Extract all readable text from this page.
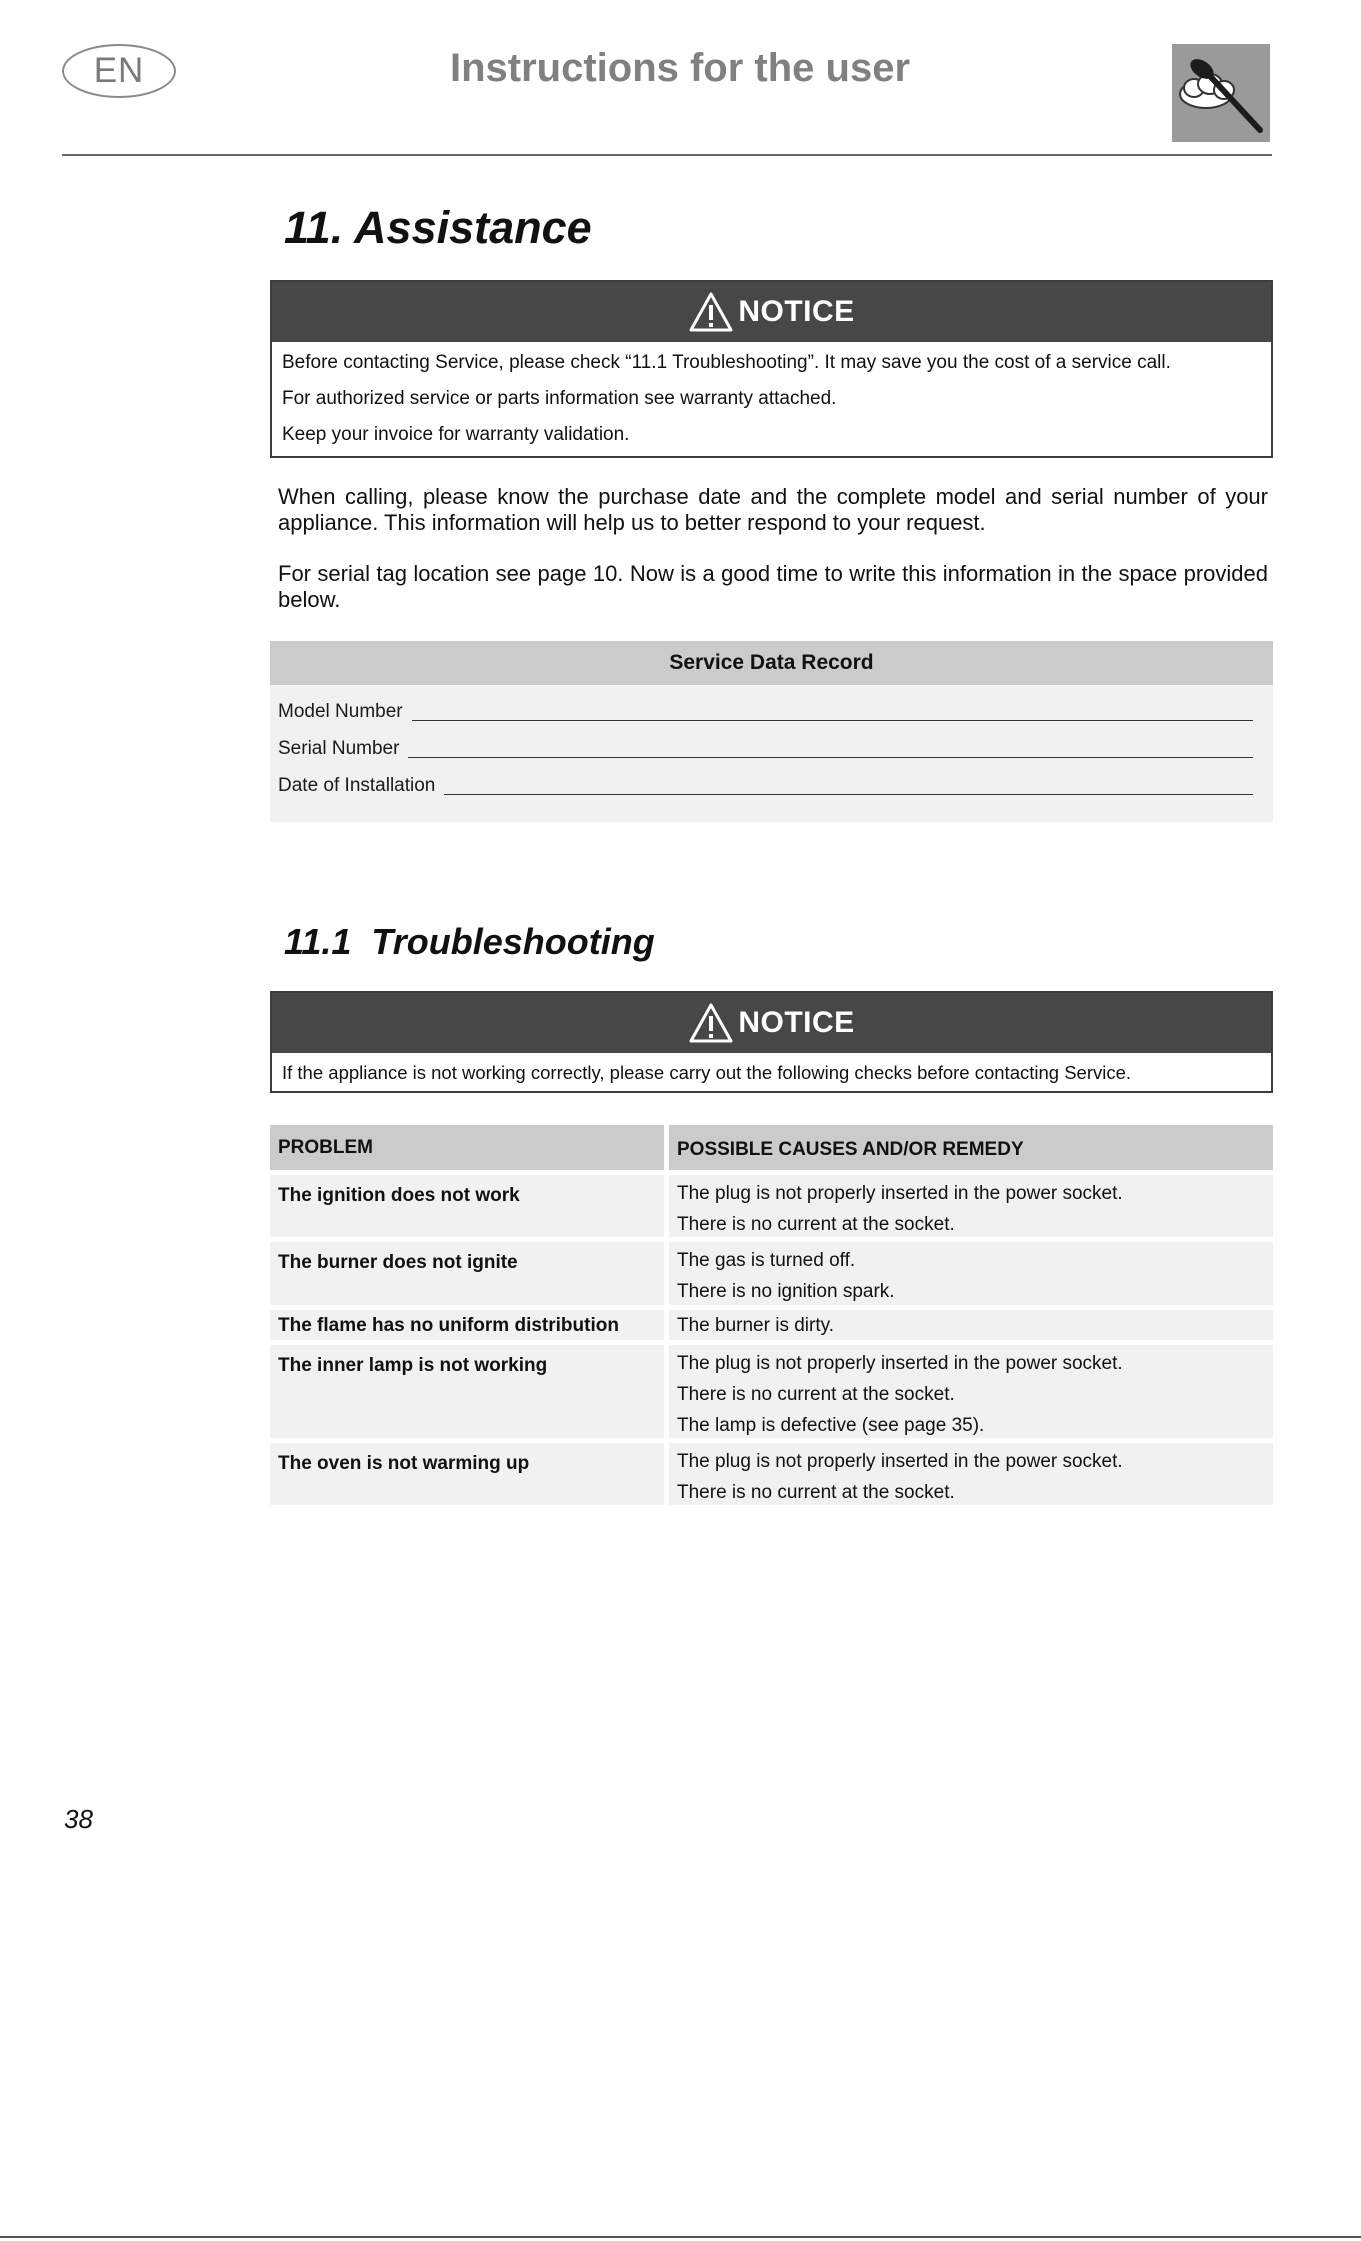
EN	Instructions for the user
11. Assistance
NOTICE
Before contacting Service, please check “11.1 Troubleshooting”. It may save you the cost of a service call.
For authorized service or parts information see warranty attached.
Keep your invoice for warranty validation.
When calling, please know the purchase date and the complete model and serial number of your appliance. This information will help us to better respond to your request.
For serial tag location see page 10. Now is a good time to write this information in the space provided below.
Service Data Record
Model Number
Serial Number
Date of Installation
11.1  Troubleshooting
NOTICE
If the appliance is not working correctly, please carry out the following checks before contacting Service.
PROBLEM	POSSIBLE CAUSES AND/OR REMEDY
The ignition does not work	The plug is not properly inserted in the power socket.
There is no current at the socket.
The burner does not ignite	The gas is turned off.
There is no ignition spark.
The flame has no uniform distribution	The burner is dirty.
The inner lamp is not working	The plug is not properly inserted in the power socket.
There is no current at the socket.
The lamp is defective (see page 35).
The oven is not warming up	The plug is not properly inserted in the power socket.
There is no current at the socket.
38
